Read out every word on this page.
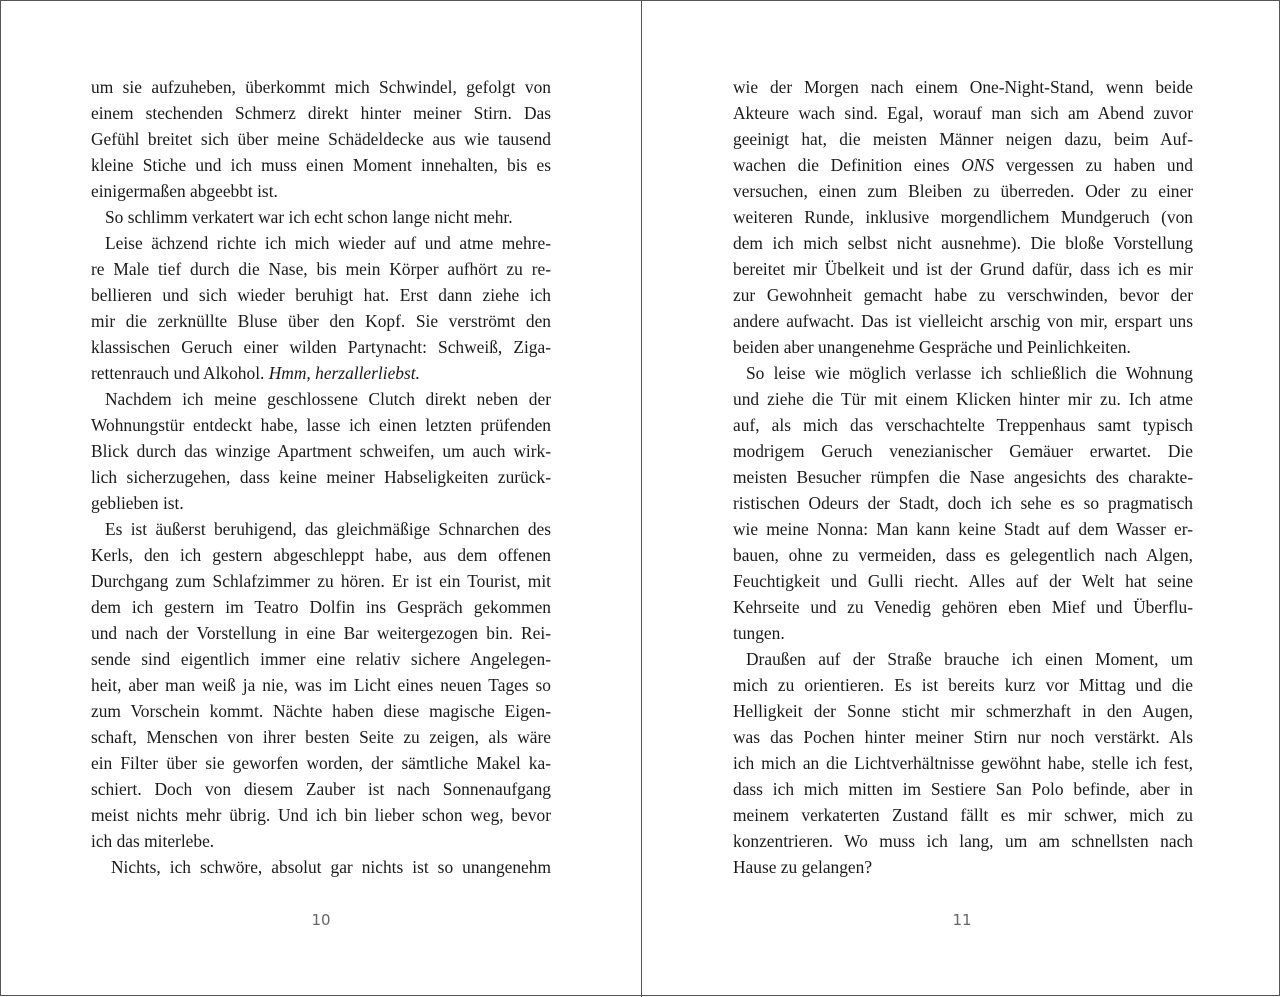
um sie aufzuheben, überkommt mich Schwindel, gefolgt von
einem stechenden Schmerz direkt hinter meiner Stirn. Das
Gefühl breitet sich über meine Schädeldecke aus wie tausend
kleine Stiche und ich muss einen Moment innehalten, bis es
einigermaßen abgeebbt ist.
So schlimm verkatert war ich echt schon lange nicht mehr.
Leise ächzend richte ich mich wieder auf und atme mehre-
re Male tief durch die Nase, bis mein Körper aufhört zu re-
bellieren und sich wieder beruhigt hat. Erst dann ziehe ich
mir die zerknüllte Bluse über den Kopf. Sie verströmt den
klassischen Geruch einer wilden Partynacht: Schweiß, Ziga-
rettenrauch und Alkohol. Hmm, herzallerliebst.
Nachdem ich meine geschlossene Clutch direkt neben der
Wohnungstür entdeckt habe, lasse ich einen letzten prüfenden
Blick durch das winzige Apartment schweifen, um auch wirk-
lich sicherzugehen, dass keine meiner Habseligkeiten zurück-
geblieben ist.
Es ist äußerst beruhigend, das gleichmäßige Schnarchen des
Kerls, den ich gestern abgeschleppt habe, aus dem offenen
Durchgang zum Schlafzimmer zu hören. Er ist ein Tourist, mit
dem ich gestern im Teatro Dolfin ins Gespräch gekommen
und nach der Vorstellung in eine Bar weitergezogen bin. Rei-
sende sind eigentlich immer eine relativ sichere Angelegen-
heit, aber man weiß ja nie, was im Licht eines neuen Tages so
zum Vorschein kommt. Nächte haben diese magische Eigen-
schaft, Menschen von ihrer besten Seite zu zeigen, als wäre
ein Filter über sie geworfen worden, der sämtliche Makel ka-
schiert. Doch von diesem Zauber ist nach Sonnenaufgang
meist nichts mehr übrig. Und ich bin lieber schon weg, bevor
ich das miterlebe.
Nichts, ich schwöre, absolut gar nichts ist so unangenehm
10
wie der Morgen nach einem One-Night-Stand, wenn beide
Akteure wach sind. Egal, worauf man sich am Abend zuvor
geeinigt hat, die meisten Männer neigen dazu, beim Auf-
wachen die Definition eines ONS vergessen zu haben und
versuchen, einen zum Bleiben zu überreden. Oder zu einer
weiteren Runde, inklusive morgendlichem Mundgeruch (von
dem ich mich selbst nicht ausnehme). Die bloße Vorstellung
bereitet mir Übelkeit und ist der Grund dafür, dass ich es mir
zur Gewohnheit gemacht habe zu verschwinden, bevor der
andere aufwacht. Das ist vielleicht arschig von mir, erspart uns
beiden aber unangenehme Gespräche und Peinlichkeiten.
So leise wie möglich verlasse ich schließlich die Wohnung
und ziehe die Tür mit einem Klicken hinter mir zu. Ich atme
auf, als mich das verschachtelte Treppenhaus samt typisch
modrigem Geruch venezianischer Gemäuer erwartet. Die
meisten Besucher rümpfen die Nase angesichts des charakte-
ristischen Odeurs der Stadt, doch ich sehe es so pragmatisch
wie meine Nonna: Man kann keine Stadt auf dem Wasser er-
bauen, ohne zu vermeiden, dass es gelegentlich nach Algen,
Feuchtigkeit und Gulli riecht. Alles auf der Welt hat seine
Kehrseite und zu Venedig gehören eben Mief und Überflu-
tungen.
Draußen auf der Straße brauche ich einen Moment, um
mich zu orientieren. Es ist bereits kurz vor Mittag und die
Helligkeit der Sonne sticht mir schmerzhaft in den Augen,
was das Pochen hinter meiner Stirn nur noch verstärkt. Als
ich mich an die Lichtverhältnisse gewöhnt habe, stelle ich fest,
dass ich mich mitten im Sestiere San Polo befinde, aber in
meinem verkaterten Zustand fällt es mir schwer, mich zu
konzentrieren. Wo muss ich lang, um am schnellsten nach
Hause zu gelangen?
11
